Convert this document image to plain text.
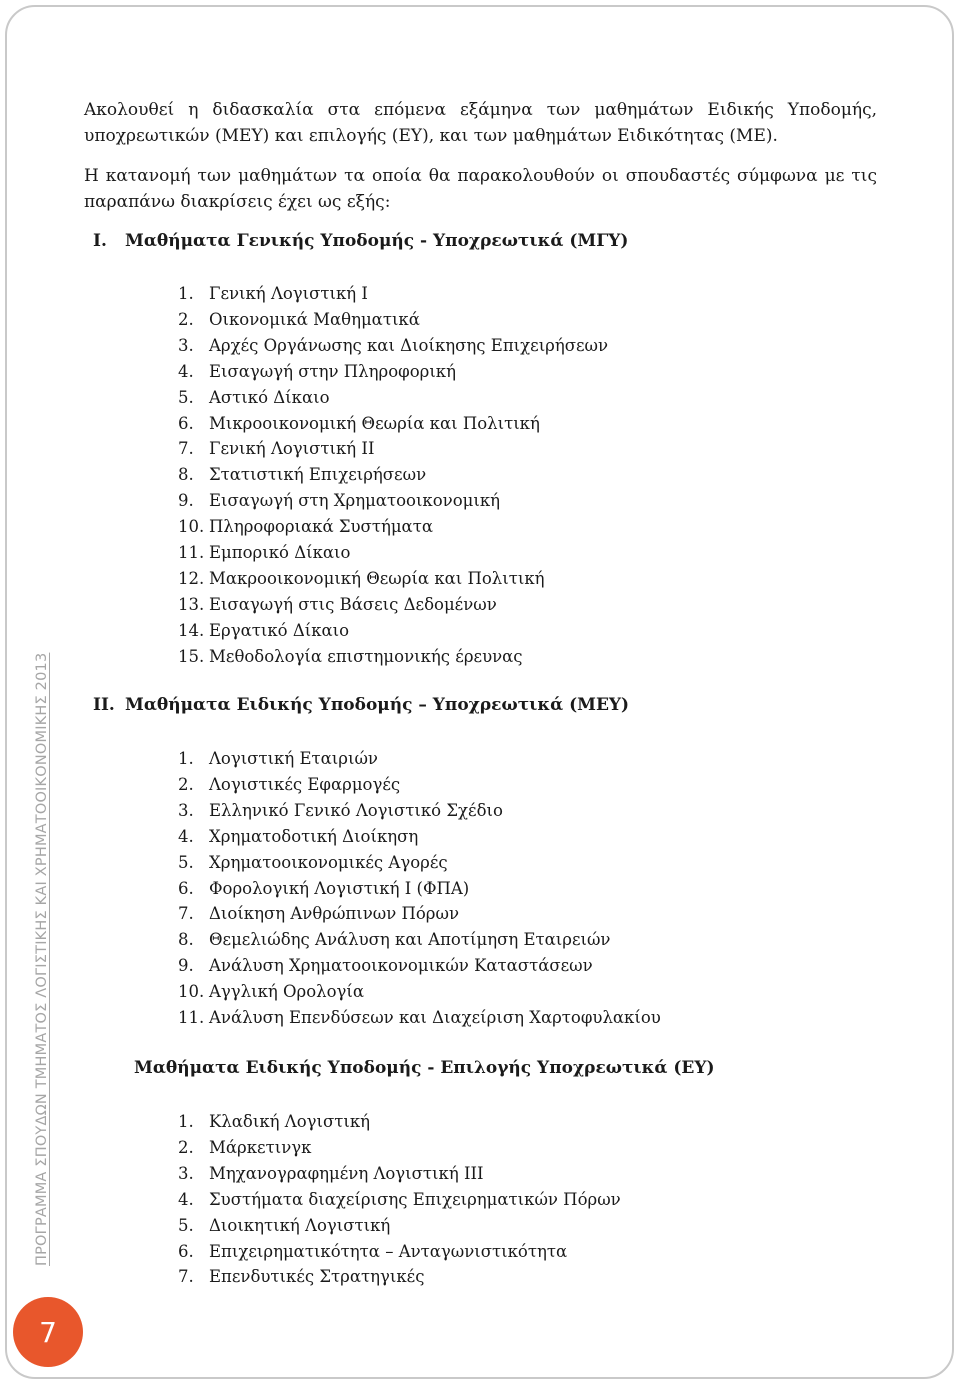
ΠΡΟΓΡΑΜΜΑ ΣΠΟΥΔΩΝ ΤΜΗΜΑΤΟΣ ΛΟΓΙΣΤΙΚΗΣ ΚΑΙ ΧΡΗΜΑΤΟΟΙΚΟΝΟΜΙΚΗΣ 2013
7

Ακολουθεί η διδασκαλία στα επόμενα εξάμηνα των μαθημάτων Ειδικής Υποδομής,
υποχρεωτικών (ΜΕΥ) και επιλογής (ΕΥ), και των μαθημάτων Ειδικότητας (ΜΕ).

Η κατανομή των μαθημάτων τα οποία θα παρακολουθούν οι σπουδαστές σύμφωνα με τις
παραπάνω διακρίσεις έχει ως εξής:

I. Μαθήματα Γενικής Υποδομής - Υποχρεωτικά (ΜΓΥ)
1. Γενική Λογιστική Ι
2. Οικονομικά Μαθηματικά
3. Αρχές Οργάνωσης και Διοίκησης Επιχειρήσεων
4. Εισαγωγή στην Πληροφορική
5. Αστικό Δίκαιο
6. Μικροοικονομική Θεωρία και Πολιτική
7. Γενική Λογιστική ΙΙ
8. Στατιστική Επιχειρήσεων
9. Εισαγωγή στη Χρηματοοικονομική
10. Πληροφοριακά Συστήματα
11. Εμπορικό Δίκαιο
12. Μακροοικονομική Θεωρία και Πολιτική
13. Εισαγωγή στις Βάσεις Δεδομένων
14. Εργατικό Δίκαιο
15. Μεθοδολογία επιστημονικής έρευνας
II. Μαθήματα Ειδικής Υποδομής – Υποχρεωτικά (ΜΕΥ)
1. Λογιστική Εταιριών
2. Λογιστικές Εφαρμογές
3. Ελληνικό Γενικό Λογιστικό Σχέδιο
4. Χρηματοδοτική Διοίκηση
5. Χρηματοοικονομικές Αγορές
6. Φορολογική Λογιστική Ι (ΦΠΑ)
7. Διοίκηση Ανθρώπινων Πόρων
8. Θεμελιώδης Ανάλυση και Αποτίμηση Εταιρειών
9. Ανάλυση Χρηματοοικονομικών Καταστάσεων
10. Αγγλική Ορολογία
11. Ανάλυση Επενδύσεων και Διαχείριση Χαρτοφυλακίου
Μαθήματα Ειδικής Υποδομής - Επιλογής Υποχρεωτικά (ΕΥ)
1. Κλαδική Λογιστική
2. Μάρκετινγκ
3. Μηχανογραφημένη Λογιστική ΙΙΙ
4. Συστήματα διαχείρισης Επιχειρηματικών Πόρων
5. Διοικητική Λογιστική
6. Επιχειρηματικότητα – Ανταγωνιστικότητα
7. Επενδυτικές Στρατηγικές
